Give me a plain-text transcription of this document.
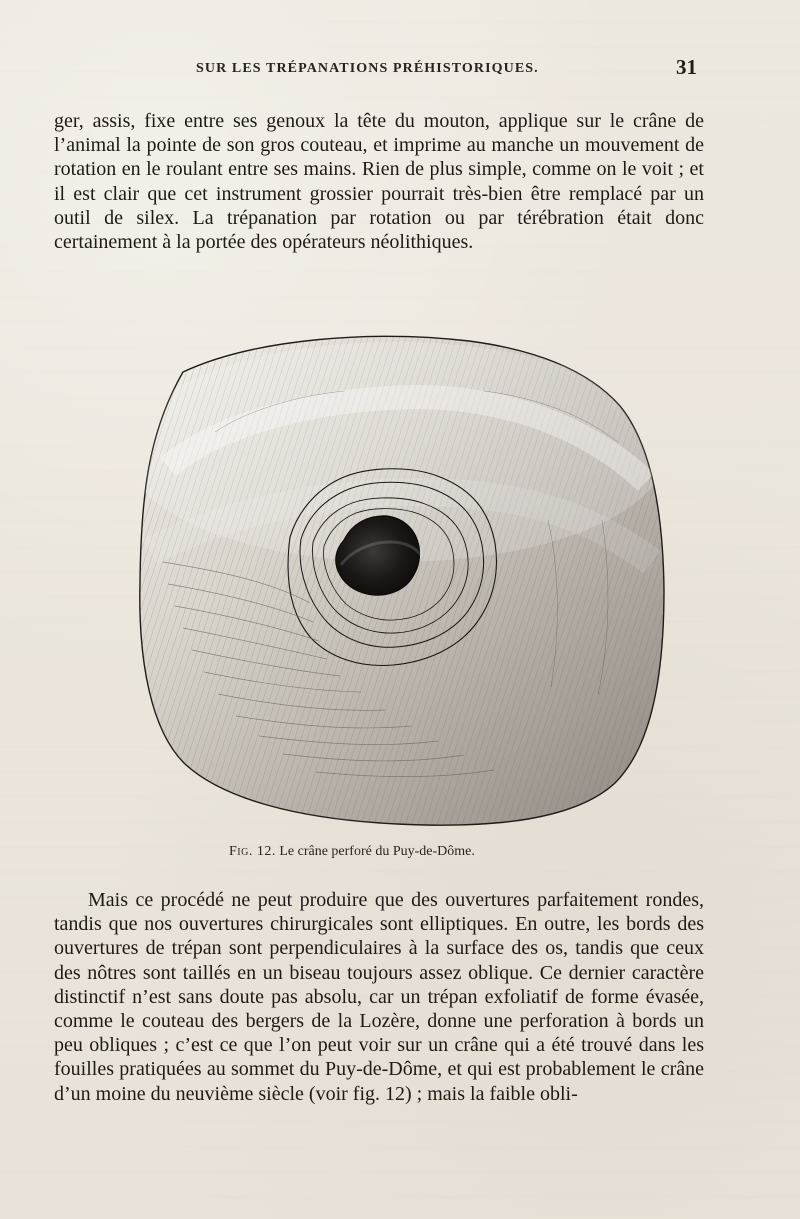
SUR LES TRÉPANATIONS PRÉHISTORIQUES.	31

ger, assis, fixe entre ses genoux la tête du mouton, applique sur le crâne de l’animal la pointe de son gros couteau, et imprime au manche un mouvement de rotation en le roulant entre ses mains. Rien de plus simple, comme on le voit ; et il est clair que cet instrument grossier pourrait très-bien être remplacé par un outil de silex. La trépanation par rotation ou par térébration était donc certainement à la portée des opérateurs néolithiques.

Fig. 12. Le crâne perforé du Puy-de-Dôme.

Mais ce procédé ne peut produire que des ouvertures parfaitement rondes, tandis que nos ouvertures chirurgicales sont elliptiques. En outre, les bords des ouvertures de trépan sont perpendiculaires à la surface des os, tandis que ceux des nôtres sont taillés en un biseau toujours assez oblique. Ce dernier caractère distinctif n’est sans doute pas absolu, car un trépan exfoliatif de forme évasée, comme le couteau des bergers de la Lozère, donne une perforation à bords un peu obliques ; c’est ce que l’on peut voir sur un crâne qui a été trouvé dans les fouilles pratiquées au sommet du Puy-de-Dôme, et qui est probablement le crâne d’un moine du neuvième siècle (voir fig. 12) ; mais la faible obli-
